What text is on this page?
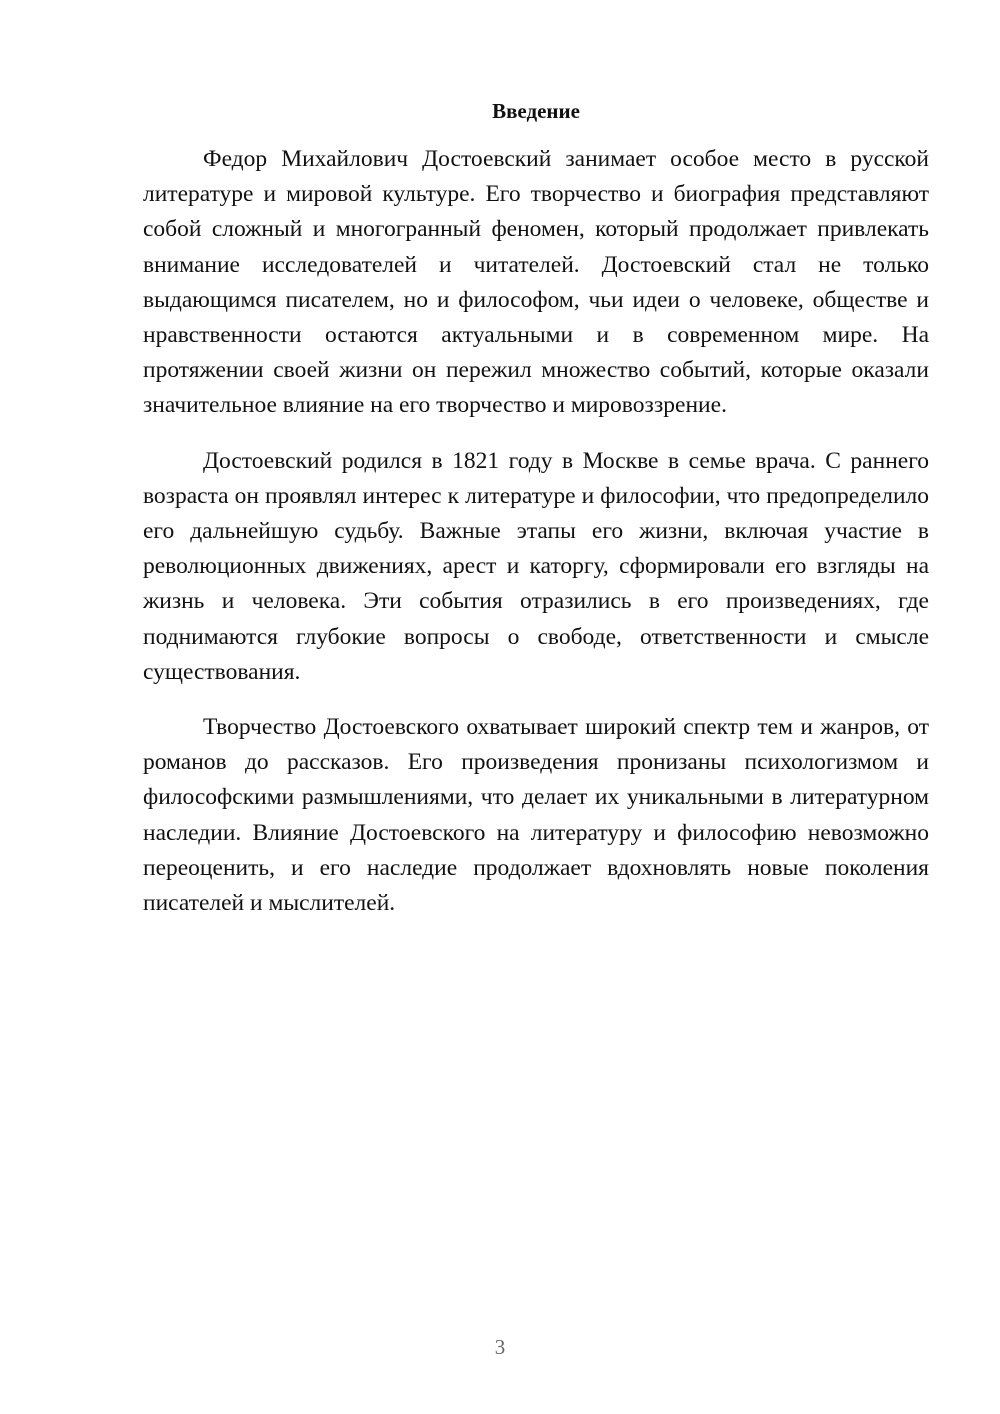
Введение

Федор Михайлович Достоевский занимает особое место в русской литературе и мировой культуре. Его творчество и биография представляют собой сложный и многогранный феномен, который продолжает привлекать внимание исследователей и читателей. Достоевский стал не только выдающимся писателем, но и философом, чьи идеи о человеке, обществе и нравственности остаются актуальными и в современном мире. На протяжении своей жизни он пережил множество событий, которые оказали значительное влияние на его творчество и мировоззрение.

Достоевский родился в 1821 году в Москве в семье врача. С раннего возраста он проявлял интерес к литературе и философии, что предопределило его дальнейшую судьбу. Важные этапы его жизни, включая участие в революционных движениях, арест и каторгу, сформировали его взгляды на жизнь и человека. Эти события отразились в его произведениях, где поднимаются глубокие вопросы о свободе, ответственности и смысле существования.

Творчество Достоевского охватывает широкий спектр тем и жанров, от романов до рассказов. Его произведения пронизаны психологизмом и философскими размышлениями, что делает их уникальными в литературном наследии. Влияние Достоевского на литературу и философию невозможно переоценить, и его наследие продолжает вдохновлять новые поколения писателей и мыслителей.

3
